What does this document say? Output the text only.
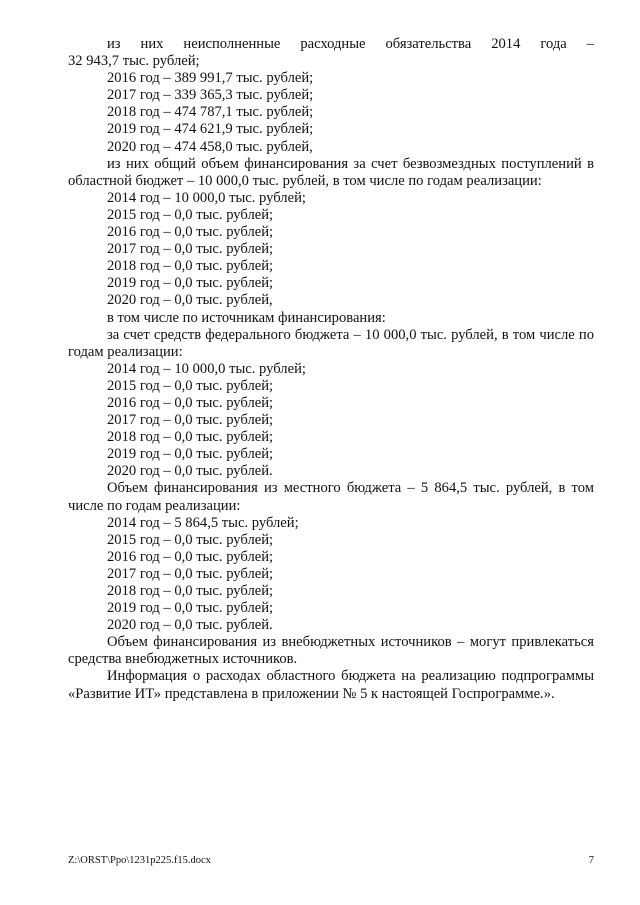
из них неисполненные расходные обязательства 2014 года –
32 943,7 тыс. рублей;
2016 год – 389 991,7 тыс. рублей;
2017 год – 339 365,3 тыс. рублей;
2018 год – 474 787,1 тыс. рублей;
2019 год – 474 621,9 тыс. рублей;
2020 год – 474 458,0 тыс. рублей,
из них общий объем финансирования за счет безвозмездных поступлений в областной бюджет – 10 000,0 тыс. рублей, в том числе по годам реализации:
2014 год – 10 000,0 тыс. рублей;
2015 год – 0,0 тыс. рублей;
2016 год – 0,0 тыс. рублей;
2017 год – 0,0 тыс. рублей;
2018 год – 0,0 тыс. рублей;
2019 год – 0,0 тыс. рублей;
2020 год – 0,0 тыс. рублей,
в том числе по источникам финансирования:
за счет средств федерального бюджета – 10 000,0 тыс. рублей, в том числе по годам реализации:
2014 год – 10 000,0 тыс. рублей;
2015 год – 0,0 тыс. рублей;
2016 год – 0,0 тыс. рублей;
2017 год – 0,0 тыс. рублей;
2018 год – 0,0 тыс. рублей;
2019 год – 0,0 тыс. рублей;
2020 год – 0,0 тыс. рублей.
Объем финансирования из местного бюджета – 5 864,5 тыс. рублей, в том числе по годам реализации:
2014 год – 5 864,5 тыс. рублей;
2015 год – 0,0 тыс. рублей;
2016 год – 0,0 тыс. рублей;
2017 год – 0,0 тыс. рублей;
2018 год – 0,0 тыс. рублей;
2019 год – 0,0 тыс. рублей;
2020 год – 0,0 тыс. рублей.
Объем финансирования из внебюджетных источников – могут привлекаться средства внебюджетных источников.
Информация о расходах областного бюджета на реализацию подпрограммы «Развитие ИТ» представлена в приложении № 5 к настоящей Госпрограмме.».
Z:\ORST\Ppo\1231p225.f15.docx	7
